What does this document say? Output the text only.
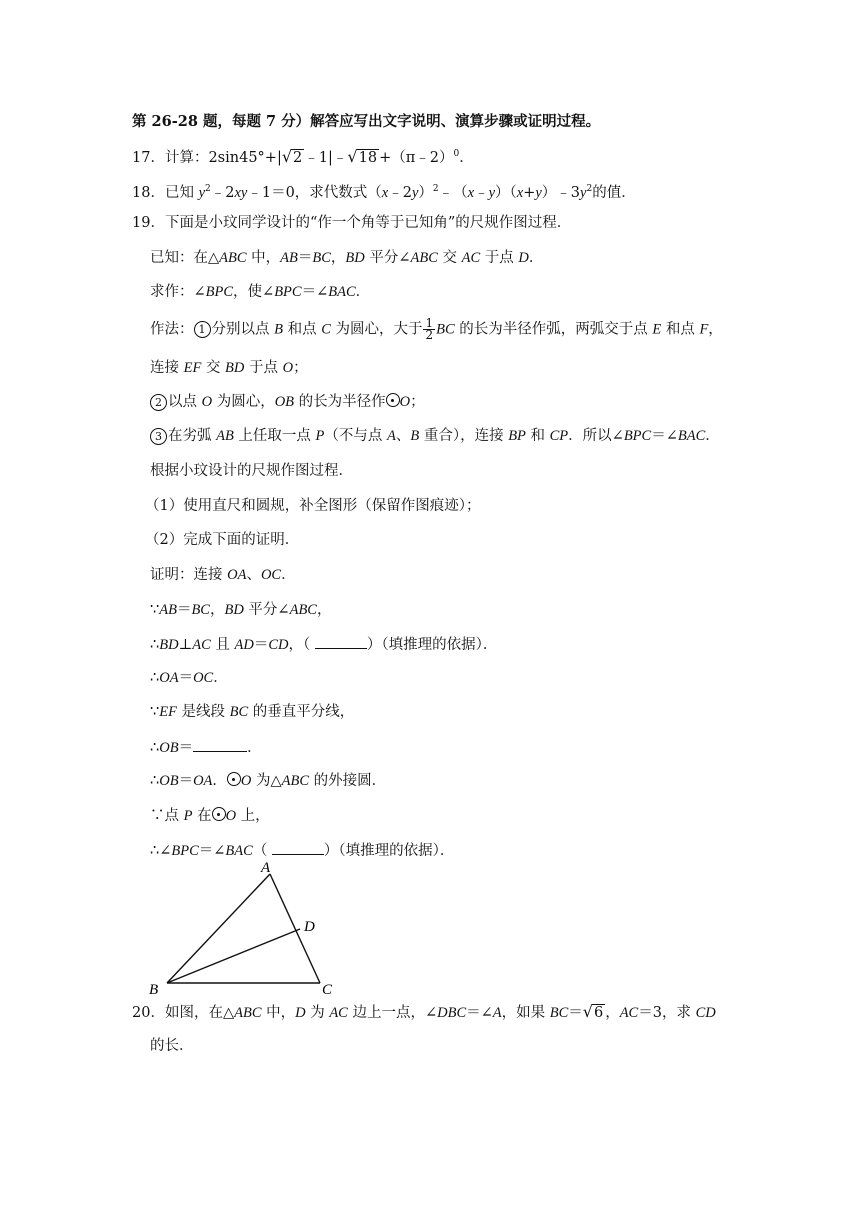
第 26-28 题，每题 7 分）解答应写出文字说明、演算步骤或证明过程。
17．计算：2sin45°+|√2 ﹣1|﹣√18 +（π﹣2）$^0$．
18．已知 $y^2﹣2xy﹣1=0$，求代数式$(x﹣2y)^2﹣(x﹣y)(x+y)﹣3y^2$的值．
19．下面是小玟同学设计的“作一个角等于已知角”的尺规作图过程．
已知：在△ABC 中，AB＝BC，BD 平分∠ABC 交 AC 于点 D．
求作：∠BPC，使∠BPC＝∠BAC．
作法： 1 分别以点 B 和点 C 为圆心，大于 $\frac{1}{2}$ BC 的长为半径作弧，两弧交于点 E 和点 F，
连接 EF 交 BD 于点 O；
2 以点 O 为圆心，OB 的长为半径作 O；
3 在劣弧 AB 上任取一点 P（不与点 A、B 重合），连接 BP 和 CP．所以∠BPC＝∠BAC．
根据小玟设计的尺规作图过程．
（1）使用直尺和圆规，补全图形（保留作图痕迹）；
（2）完成下面的证明．
证明：连接 OA、OC．
∵AB＝BC，BD 平分∠ABC，
∴BD⊥AC 且 AD＝CD，（	）（填推理的依据）．
∴OA＝OC．
∵EF 是线段 BC 的垂直平分线，
∴OB＝	．
∴OB＝OA． O 为△ABC 的外接圆．
∵点 P 在 O 上，
∴∠BPC＝∠BAC（	）（填推理的依据）．
A
B	C
D
20．如图，在△ABC 中，D 为 AC 边上一点，∠DBC＝∠A，如果 BC＝√6 ，AC＝3，求 CD
的长．
